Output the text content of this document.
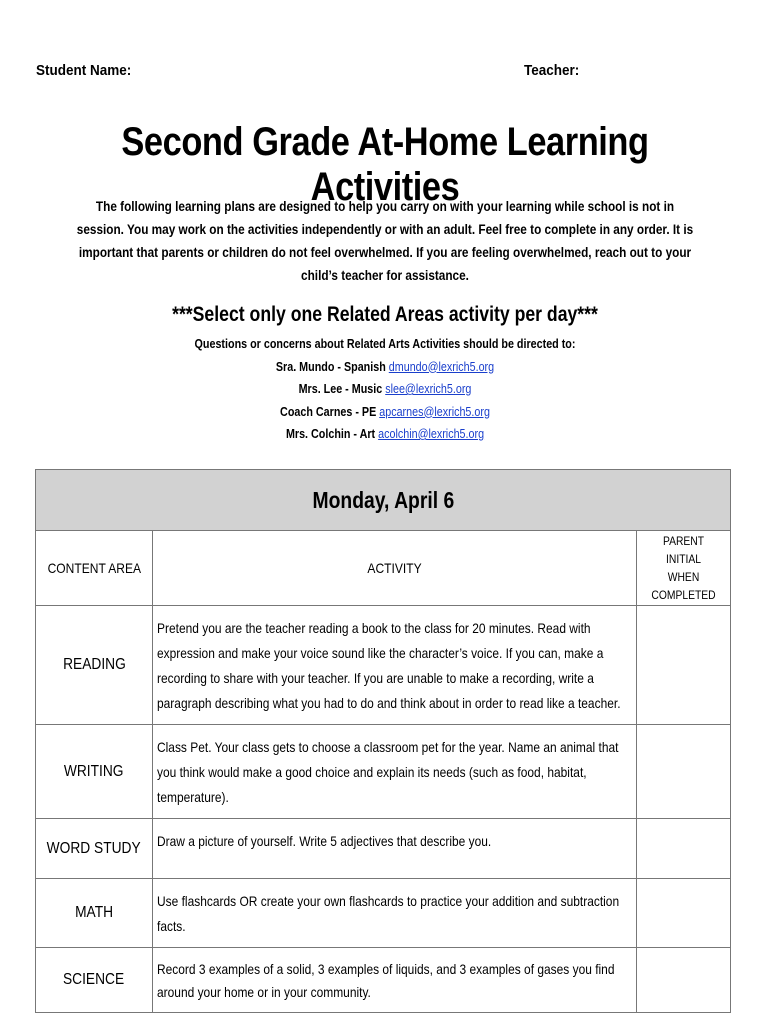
Student Name:	Teacher:
Second Grade At-Home Learning Activities
The following learning plans are designed to help you carry on with your learning while school is not in session. You may work on the activities independently or with an adult. Feel free to complete in any order. It is important that parents or children do not feel overwhelmed. If you are feeling overwhelmed, reach out to your child’s teacher for assistance.
***Select only one Related Areas activity per day***
Questions or concerns about Related Arts Activities should be directed to:
Sra. Mundo - Spanish dmundo@lexrich5.org
Mrs. Lee - Music slee@lexrich5.org
Coach Carnes - PE apcarnes@lexrich5.org
Mrs. Colchin - Art acolchin@lexrich5.org
Monday, April 6		
CONTENT AREA	ACTIVITY	PARENT INITIAL
WHEN COMPLETED
READING	Pretend you are the teacher reading a book to the class for 20 minutes. Read with expression and make your voice sound like the character’s voice. If you can, make a recording to share with your teacher. If you are unable to make a recording, write a paragraph describing what you had to do and think about in order to read like a teacher.	

WRITING	Class Pet. Your class gets to choose a classroom pet for the year. Name an animal that you think would make a good choice and explain its needs (such as food, habitat, temperature).	

WORD STUDY	Draw a picture of yourself. Write 5 adjectives that describe you.	

MATH	Use flashcards OR create your own flashcards to practice your addition and subtraction facts.	

SCIENCE	Record 3 examples of a solid, 3 examples of liquids, and 3 examples of gases you find around your home or in your community.	
